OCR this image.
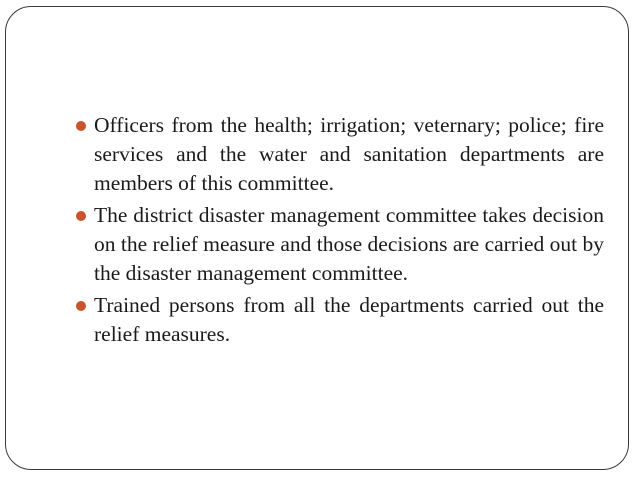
Officers from the health; irrigation; veternary; police; fire services and the water and sanitation departments are members of this committee.
The district disaster management committee takes decision on the relief measure and those decisions are carried out by the disaster management committee.
Trained persons from all the departments carried out the relief measures.
